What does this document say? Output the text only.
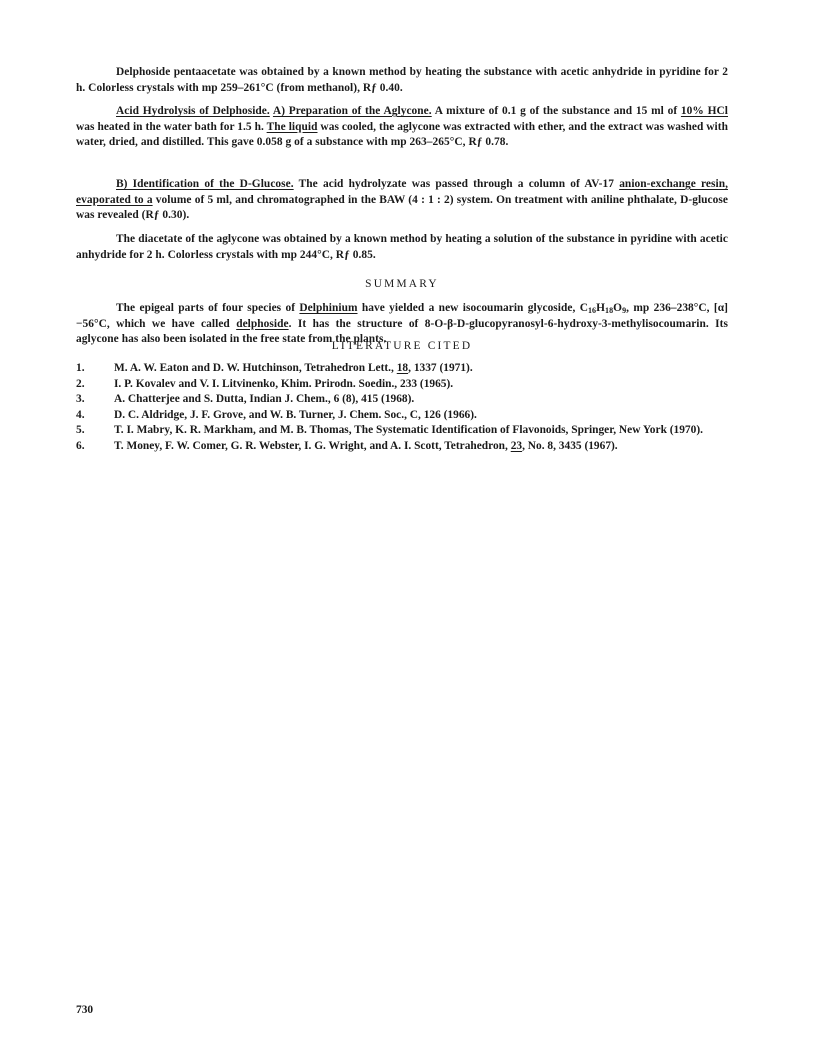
Delphoside pentaacetate was obtained by a known method by heating the substance with acetic anhydride in pyridine for 2 h. Colorless crystals with mp 259–261°C (from methanol), Rƒ 0.40.

Acid Hydrolysis of Delphoside. A) Preparation of the Aglycone. A mixture of 0.1 g of the substance and 15 ml of 10% HCl was heated in the water bath for 1.5 h. The liquid was cooled, the aglycone was extracted with ether, and the extract was washed with water, dried, and distilled. This gave 0.058 g of a substance with mp 263–265°C, Rƒ 0.78.

B) Identification of the D-Glucose. The acid hydrolyzate was passed through a column of AV-17 anion-exchange resin, evaporated to a volume of 5 ml, and chromatographed in the BAW (4 : 1 : 2) system. On treatment with aniline phthalate, D-glucose was revealed (Rƒ 0.30).

The diacetate of the aglycone was obtained by a known method by heating a solution of the substance in pyridine with acetic anhydride for 2 h. Colorless crystals with mp 244°C, Rƒ 0.85.

SUMMARY

The epigeal parts of four species of Delphinium have yielded a new isocoumarin glycoside, $C_{16}H_{18}O_9$, mp 236–238°C, [α] −56°C, which we have called delphoside. It has the structure of 8-O-β-D-glucopyranosyl-6-hydroxy-3-methylisocoumarin. Its aglycone has also been isolated in the free state from the plants.

LITERATURE CITED

1.	M. A. W. Eaton and D. W. Hutchinson, Tetrahedron Lett., 18, 1337 (1971).
2.	I. P. Kovalev and V. I. Litvinenko, Khim. Prirodn. Soedin., 233 (1965).
3.	A. Chatterjee and S. Dutta, Indian J. Chem., 6 (8), 415 (1968).
4.	D. C. Aldridge, J. F. Grove, and W. B. Turner, J. Chem. Soc., C, 126 (1966).
5.	T. I. Mabry, K. R. Markham, and M. B. Thomas, The Systematic Identification of Flavonoids, Springer, New York (1970).
6.	T. Money, F. W. Comer, G. R. Webster, I. G. Wright, and A. I. Scott, Tetrahedron, 23, No. 8, 3435 (1967).
730
